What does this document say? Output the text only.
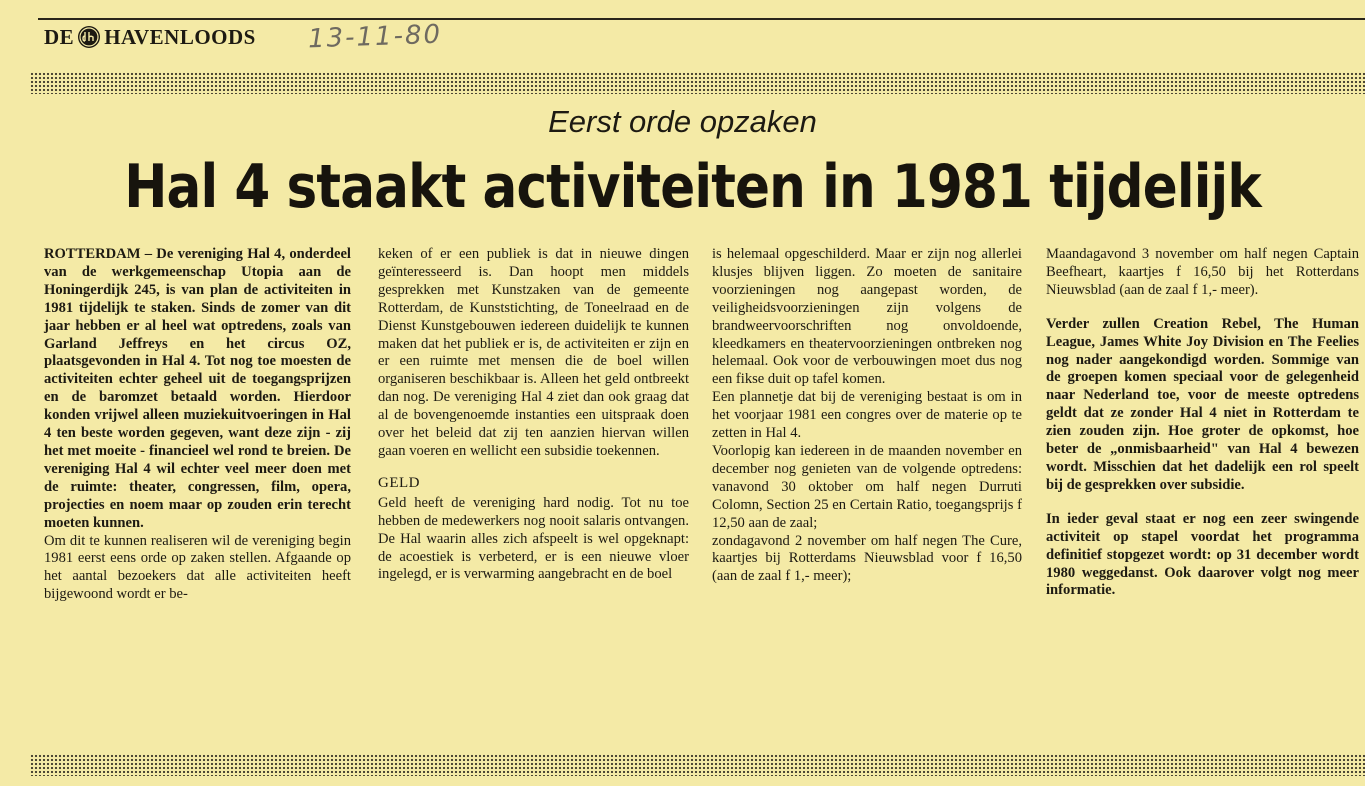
DE HAVENLOODS 13-11-80
Eerst orde opzaken
Hal 4 staakt activiteiten in 1981 tijdelijk

ROTTERDAM – De vereniging Hal 4, onderdeel van de werkgemeenschap Utopia aan de Honingerdijk 245, is van plan de activiteiten in 1981 tijdelijk te staken. Sinds de zomer van dit jaar hebben er al heel wat optredens, zoals van Garland Jeffreys en het circus OZ, plaatsgevonden in Hal 4. Tot nog toe moesten de activiteiten echter geheel uit de toegangsprijzen en de baromzet betaald worden. Hierdoor konden vrijwel alleen muziekuitvoeringen in Hal 4 ten beste worden gegeven, want deze zijn - zij het met moeite - financieel wel rond te breien. De vereniging Hal 4 wil echter veel meer doen met de ruimte: theater, congressen, film, opera, projecties en noem maar op zouden erin terecht moeten kunnen.

Om dit te kunnen realiseren wil de vereniging begin 1981 eerst eens orde op zaken stellen. Afgaande op het aantal bezoekers dat alle activiteiten heeft bijgewoond wordt er be-

keken of er een publiek is dat in nieuwe dingen geïnteresseerd is. Dan hoopt men middels gesprekken met Kunstzaken van de gemeente Rotterdam, de Kunststichting, de Toneelraad en de Dienst Kunstgebouwen iedereen duidelijk te kunnen maken dat het publiek er is, de activiteiten er zijn en er een ruimte met mensen die de boel willen organiseren beschikbaar is. Alleen het geld ontbreekt dan nog. De vereniging Hal 4 ziet dan ook graag dat al de bovengenoemde instanties een uitspraak doen over het beleid dat zij ten aanzien hiervan willen gaan voeren en wellicht een subsidie toekennen.

GELD

Geld heeft de vereniging hard nodig. Tot nu toe hebben de medewerkers nog nooit salaris ontvangen. De Hal waarin alles zich afspeelt is wel opgeknapt: de acoestiek is verbeterd, er is een nieuwe vloer ingelegd, er is verwarming aangebracht en de boel

is helemaal opgeschilderd. Maar er zijn nog allerlei klusjes blijven liggen. Zo moeten de sanitaire voorzieningen nog aangepast worden, de veiligheidsvoorzieningen zijn volgens de brandweervoorschriften nog onvoldoende, kleedkamers en theatervoorzieningen ontbreken nog helemaal. Ook voor de verbouwingen moet dus nog een fikse duit op tafel komen.

Een plannetje dat bij de vereniging bestaat is om in het voorjaar 1981 een congres over de materie op te zetten in Hal 4.

Voorlopig kan iedereen in de maanden november en december nog genieten van de volgende optredens: vanavond 30 oktober om half negen Durruti Colomn, Section 25 en Certain Ratio, toegangsprijs f 12,50 aan de zaal;

zondagavond 2 november om half negen The Cure, kaartjes bij Rotterdams Nieuwsblad voor f 16,50 (aan de zaal f 1,- meer);

Maandagavond 3 november om half negen Captain Beefheart, kaartjes f 16,50 bij het Rotterdans Nieuwsblad (aan de zaal f 1,- meer).

Verder zullen Creation Rebel, The Human League, James White Joy Division en The Feelies nog nader aangekondigd worden. Sommige van de groepen komen speciaal voor de gelegenheid naar Nederland toe, voor de meeste optredens geldt dat ze zonder Hal 4 niet in Rotterdam te zien zouden zijn. Hoe groter de opkomst, hoe beter de „onmisbaarheid" van Hal 4 bewezen wordt. Misschien dat het dadelijk een rol speelt bij de gesprekken over subsidie.

In ieder geval staat er nog een zeer swingende activiteit op stapel voordat het programma definitief stopgezet wordt: op 31 december wordt 1980 weggedanst. Ook daarover volgt nog meer informatie.
